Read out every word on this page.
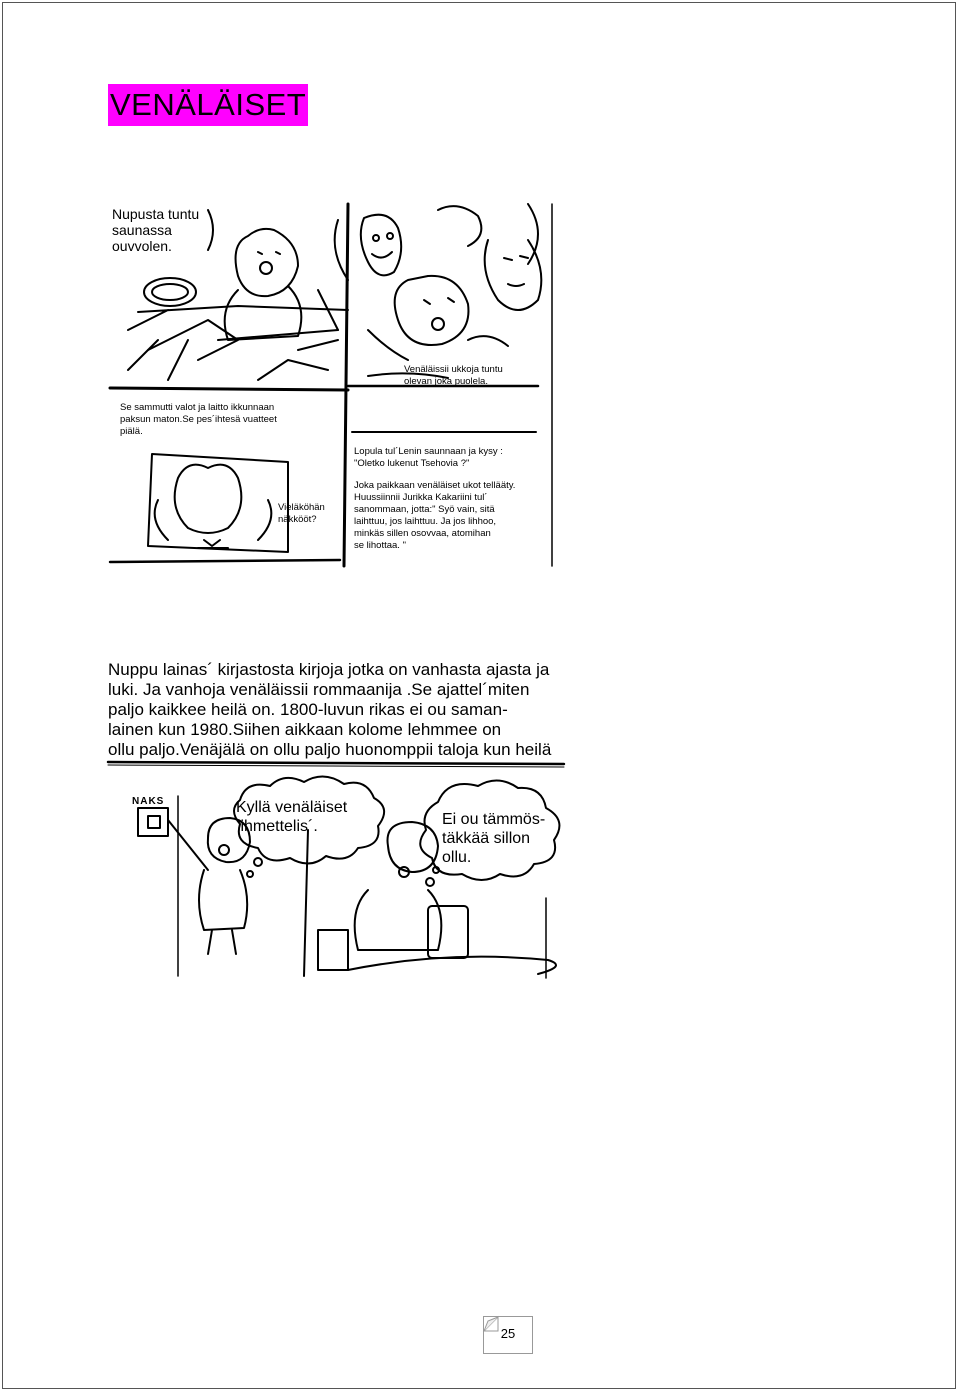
VENÄLÄISET
Nupusta tuntu
saunassa
ouvvolen.
Venäläissii ukkoja tuntu
olevan joka puolela.
Se sammutti valot ja laitto ikkunnaan
paksun maton.Se pes´ihtesä vuatteet
piälä.
Vieläköhän
näkkööt?
Lopula tul´Lenin saunnaan ja kysy :
"Oletko lukenut Tsehovia ?"
Joka paikkaan venäläiset ukot tellääty.
Huussiinnii Jurikka Kakariini tul´
sanommaan, jotta:" Syö vain, sitä
laihttuu, jos laihttuu. Ja jos lihhoo,
minkäs sillen osovvaa, atomihan
se lihottaa. "
Nuppu lainas´ kirjastosta kirjoja jotka on vanhasta ajasta ja
luki. Ja vanhoja venäläissii rommaanija .Se ajattel´miten
paljo kaikkee heilä on. 1800-luvun rikas ei ou saman-
lainen kun 1980.Siihen aikkaan kolome lehmmee on
ollu paljo.Venäjälä on ollu paljo huonomppii taloja kun heilä
NAKS	Kyllä venäläiset
ihmettelis´.	Ei ou tämmös-
täkkää sillon
ollu.
25
